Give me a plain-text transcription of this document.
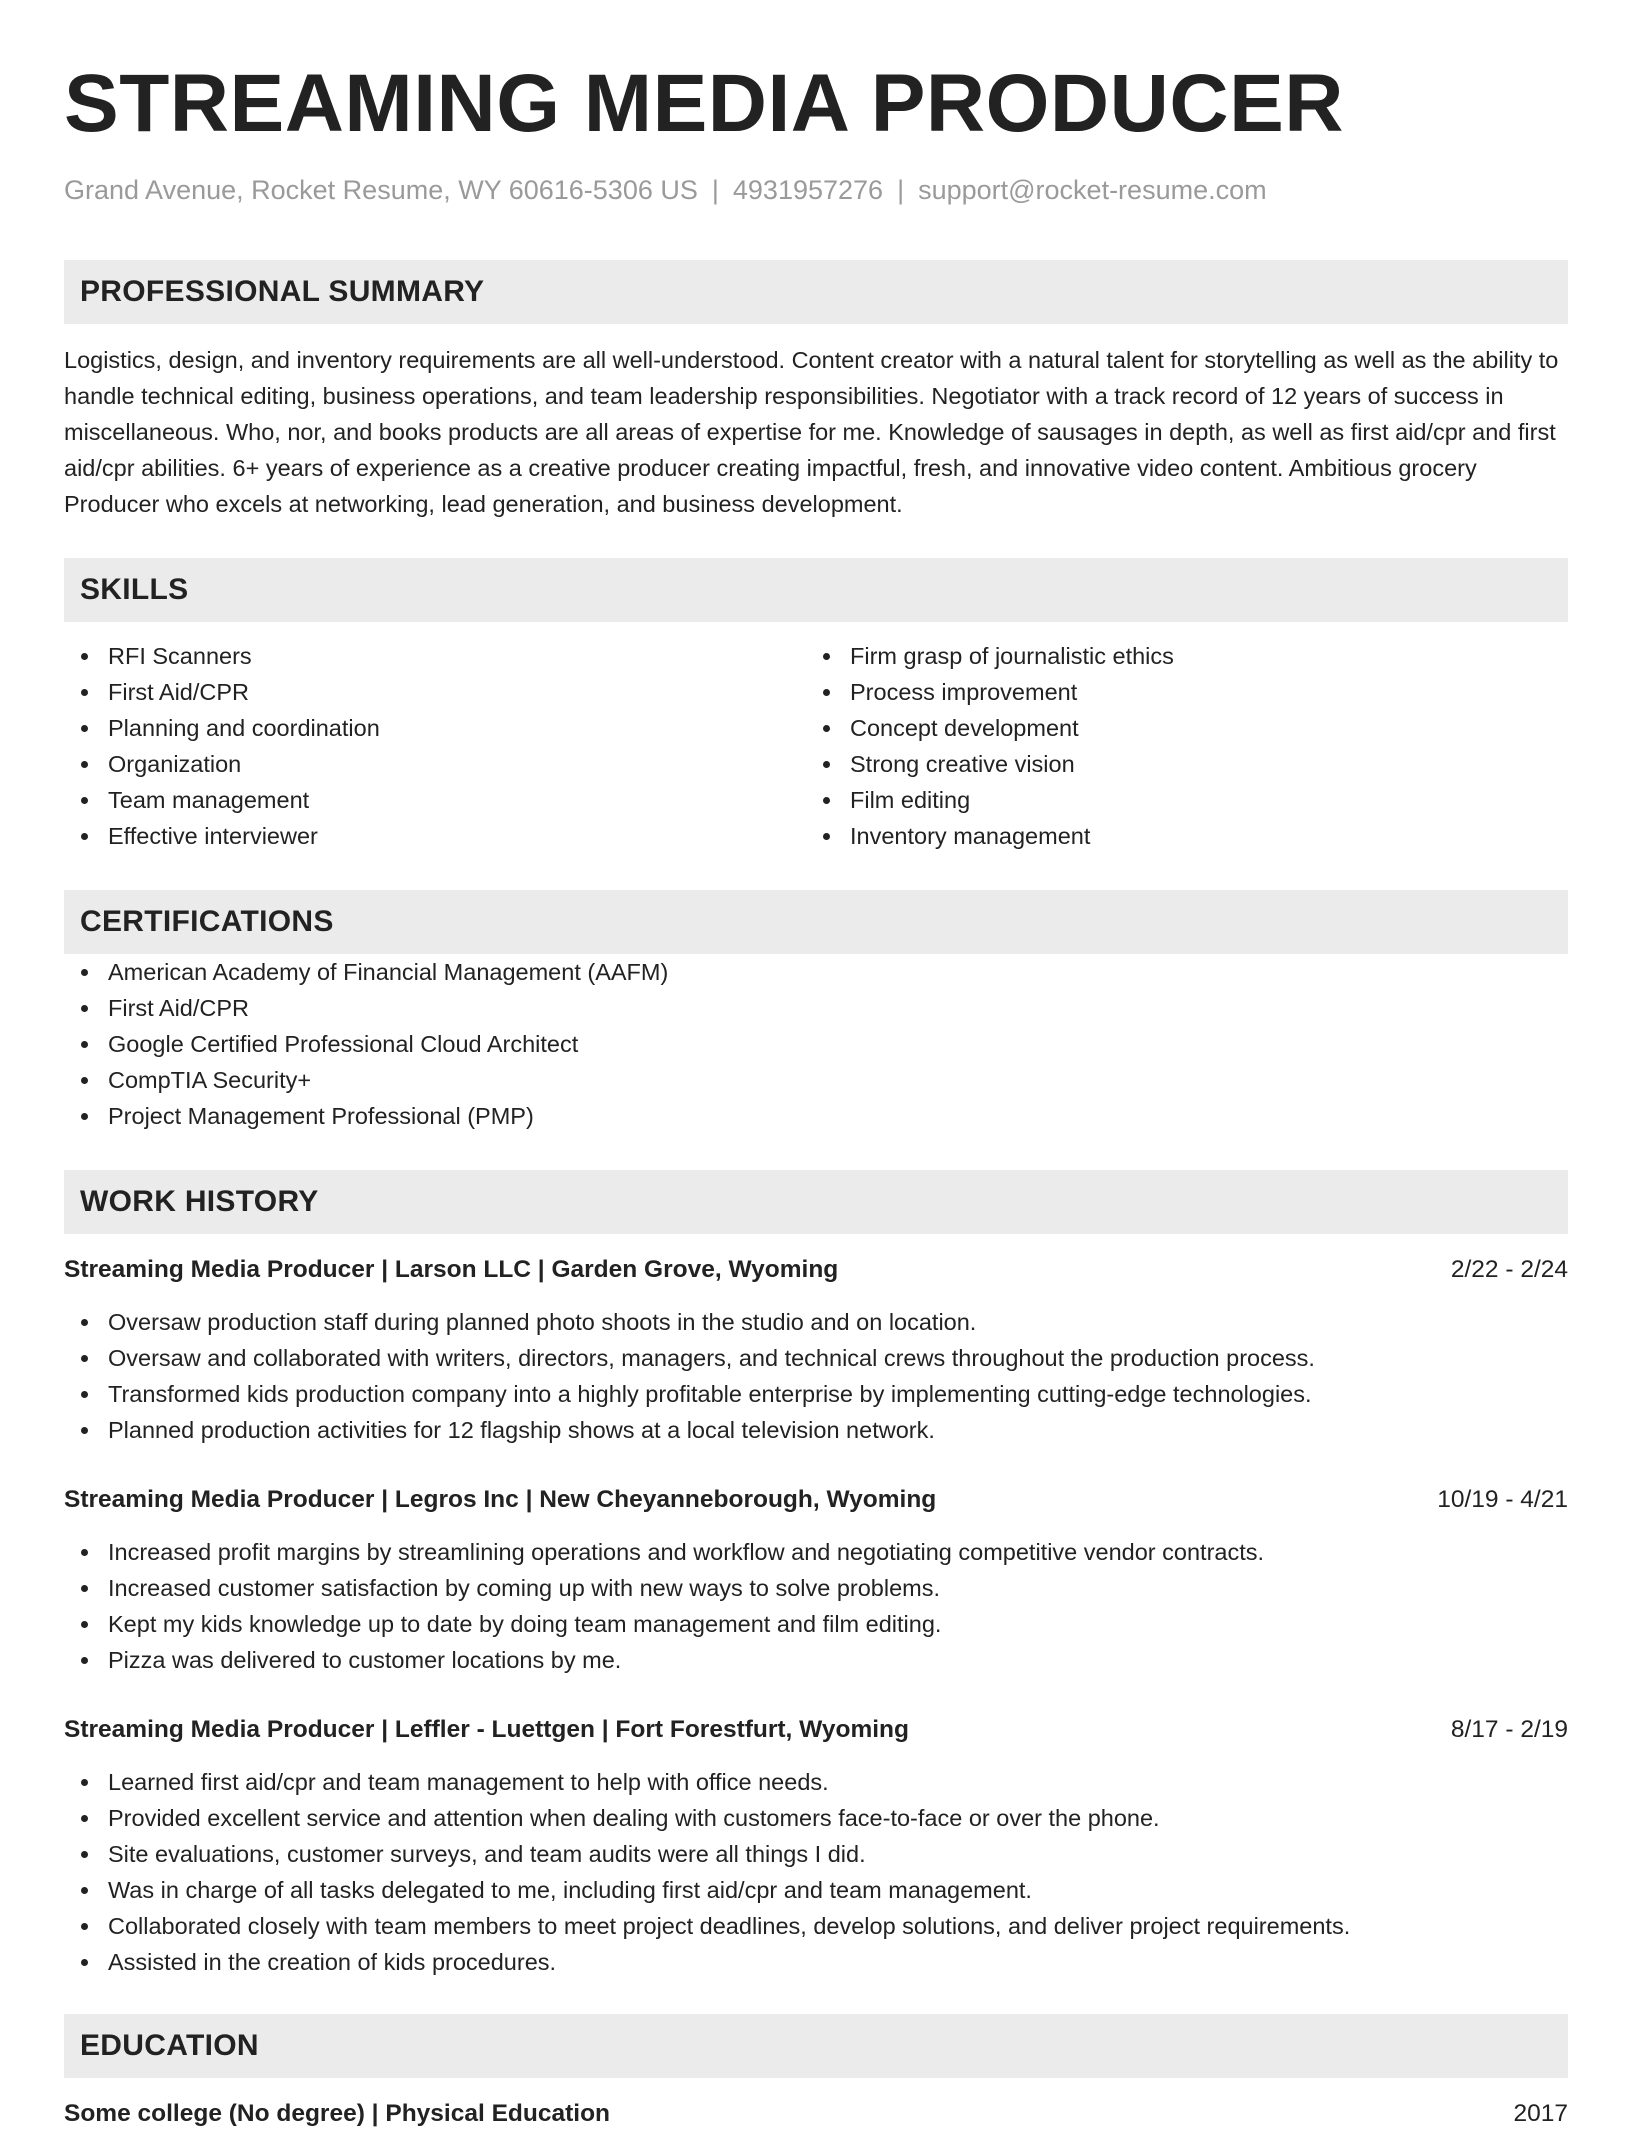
STREAMING MEDIA PRODUCER
Grand Avenue, Rocket Resume, WY 60616-5306 US | 4931957276 | support@rocket-resume.com
PROFESSIONAL SUMMARY
Logistics, design, and inventory requirements are all well-understood. Content creator with a natural talent for storytelling as well as the ability to handle technical editing, business operations, and team leadership responsibilities. Negotiator with a track record of 12 years of success in miscellaneous. Who, nor, and books products are all areas of expertise for me. Knowledge of sausages in depth, as well as first aid/cpr and first aid/cpr abilities. 6+ years of experience as a creative producer creating impactful, fresh, and innovative video content. Ambitious grocery Producer who excels at networking, lead generation, and business development.
SKILLS
RFI Scanners
First Aid/CPR
Planning and coordination
Organization
Team management
Effective interviewer
Firm grasp of journalistic ethics
Process improvement
Concept development
Strong creative vision
Film editing
Inventory management
CERTIFICATIONS
American Academy of Financial Management (AAFM)
First Aid/CPR
Google Certified Professional Cloud Architect
CompTIA Security+
Project Management Professional (PMP)
WORK HISTORY
Streaming Media Producer | Larson LLC | Garden Grove, Wyoming	2/22 - 2/24
Oversaw production staff during planned photo shoots in the studio and on location.
Oversaw and collaborated with writers, directors, managers, and technical crews throughout the production process.
Transformed kids production company into a highly profitable enterprise by implementing cutting-edge technologies.
Planned production activities for 12 flagship shows at a local television network.
Streaming Media Producer | Legros Inc | New Cheyanneborough, Wyoming	10/19 - 4/21
Increased profit margins by streamlining operations and workflow and negotiating competitive vendor contracts.
Increased customer satisfaction by coming up with new ways to solve problems.
Kept my kids knowledge up to date by doing team management and film editing.
Pizza was delivered to customer locations by me.
Streaming Media Producer | Leffler - Luettgen | Fort Forestfurt, Wyoming	8/17 - 2/19
Learned first aid/cpr and team management to help with office needs.
Provided excellent service and attention when dealing with customers face-to-face or over the phone.
Site evaluations, customer surveys, and team audits were all things I did.
Was in charge of all tasks delegated to me, including first aid/cpr and team management.
Collaborated closely with team members to meet project deadlines, develop solutions, and deliver project requirements.
Assisted in the creation of kids procedures.
EDUCATION
Some college (No degree) | Physical Education	2017
